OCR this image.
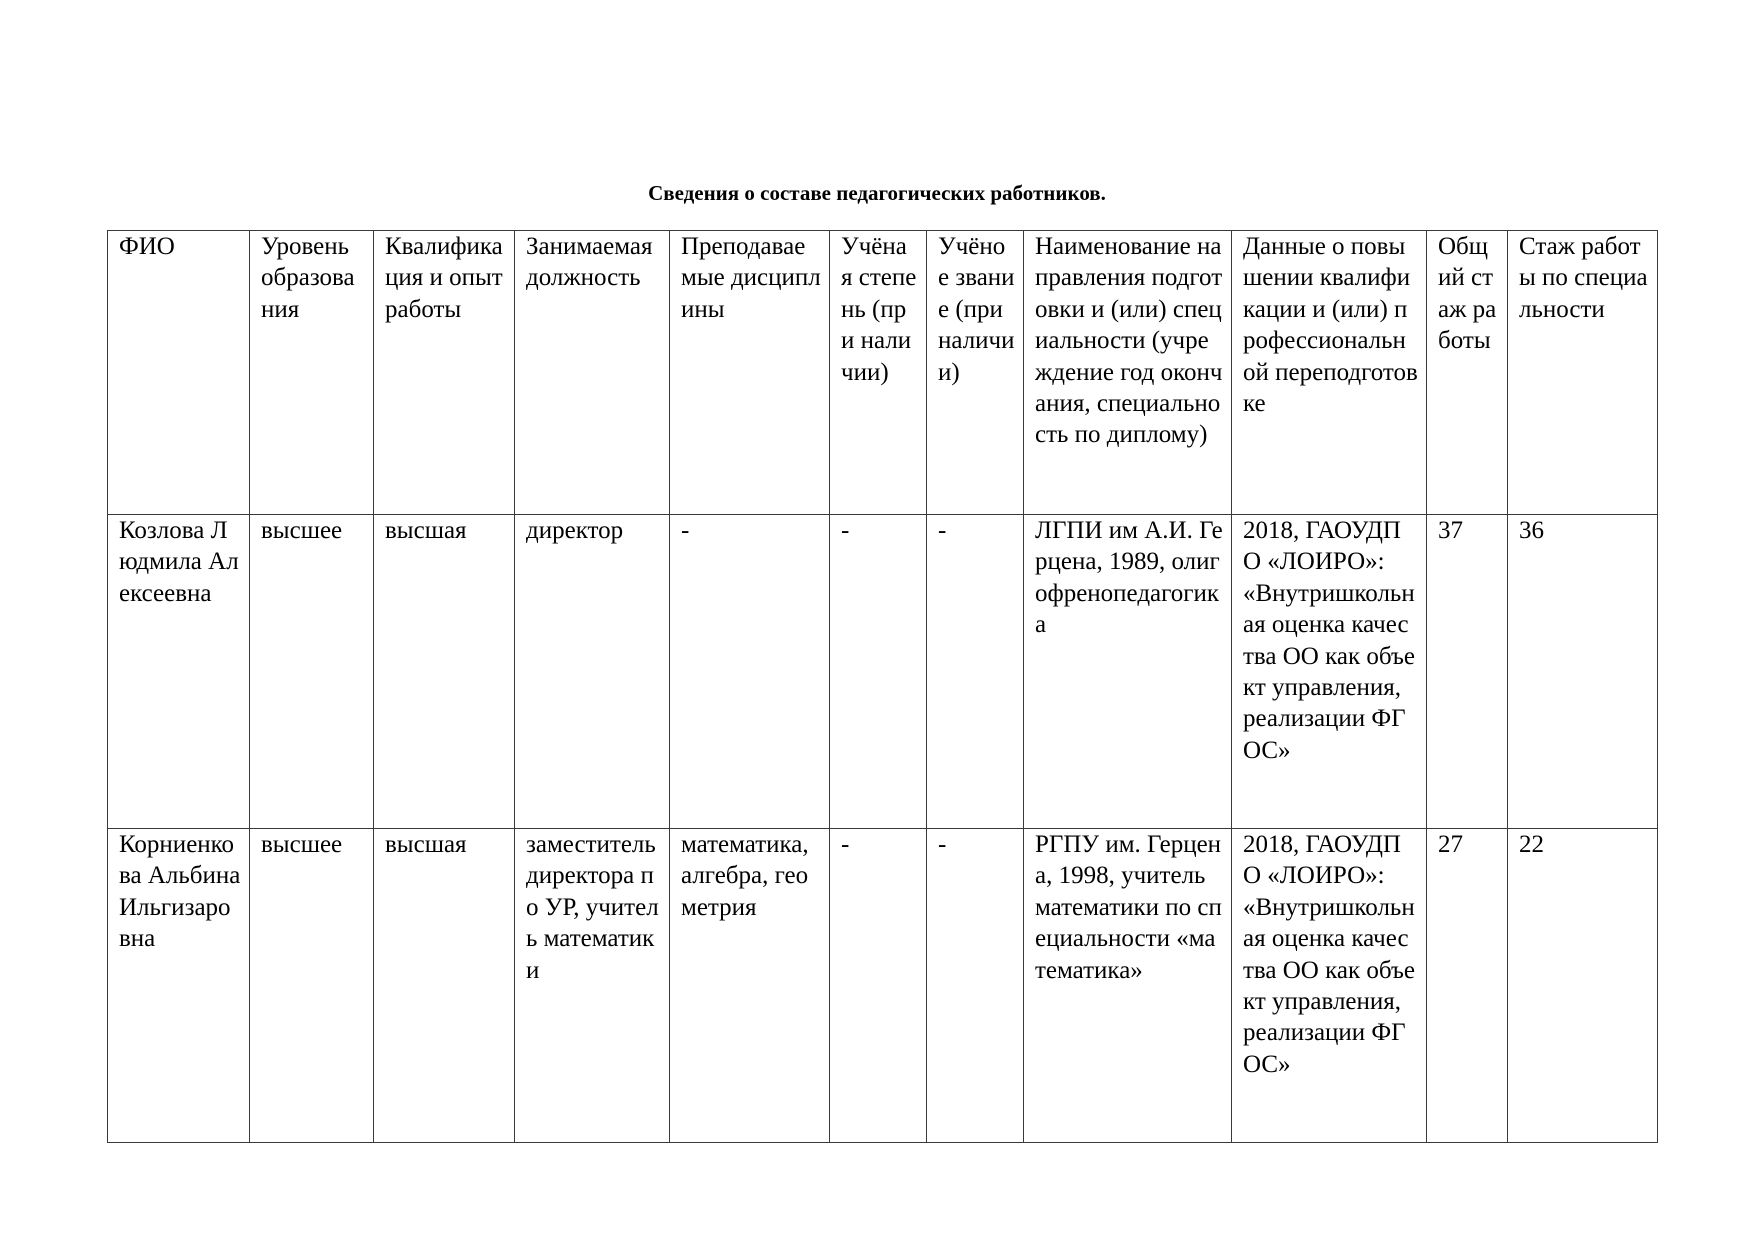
Сведения о составе педагогических работников.
ФИО	Уровень образования	Квалификация и опыт работы	Занимаемая должность	Преподаваемые дисциплины	Учёная степень (при наличии)	Учёное звание (при наличии)	Наименование направления подготовки и (или) специальности (учреждение год окончания, специальность по диплому)	Данные о повышении квалификации и (или) профессиональной переподготовке	Общий стаж работы	Стаж работы по специальности
Козлова Людмила Алексеевна	высшее	высшая	директор	-	-	-	ЛГПИ им А.И. Герцена, 1989, олигофренопедагогика	2018, ГАОУДПО «ЛОИРО»: «Внутришкольная оценка качества ОО как объект управления, реализации ФГОС»	37	36
Корниенкова Альбина Ильгизаровна	высшее	высшая	заместитель директора по УР, учитель математики	математика, алгебра, геометрия	-	-	РГПУ им. Герцена, 1998, учитель математики по специальности «математика»	2018, ГАОУДПО «ЛОИРО»: «Внутришкольная оценка качества ОО как объект управления, реализации ФГОС»	27	22
